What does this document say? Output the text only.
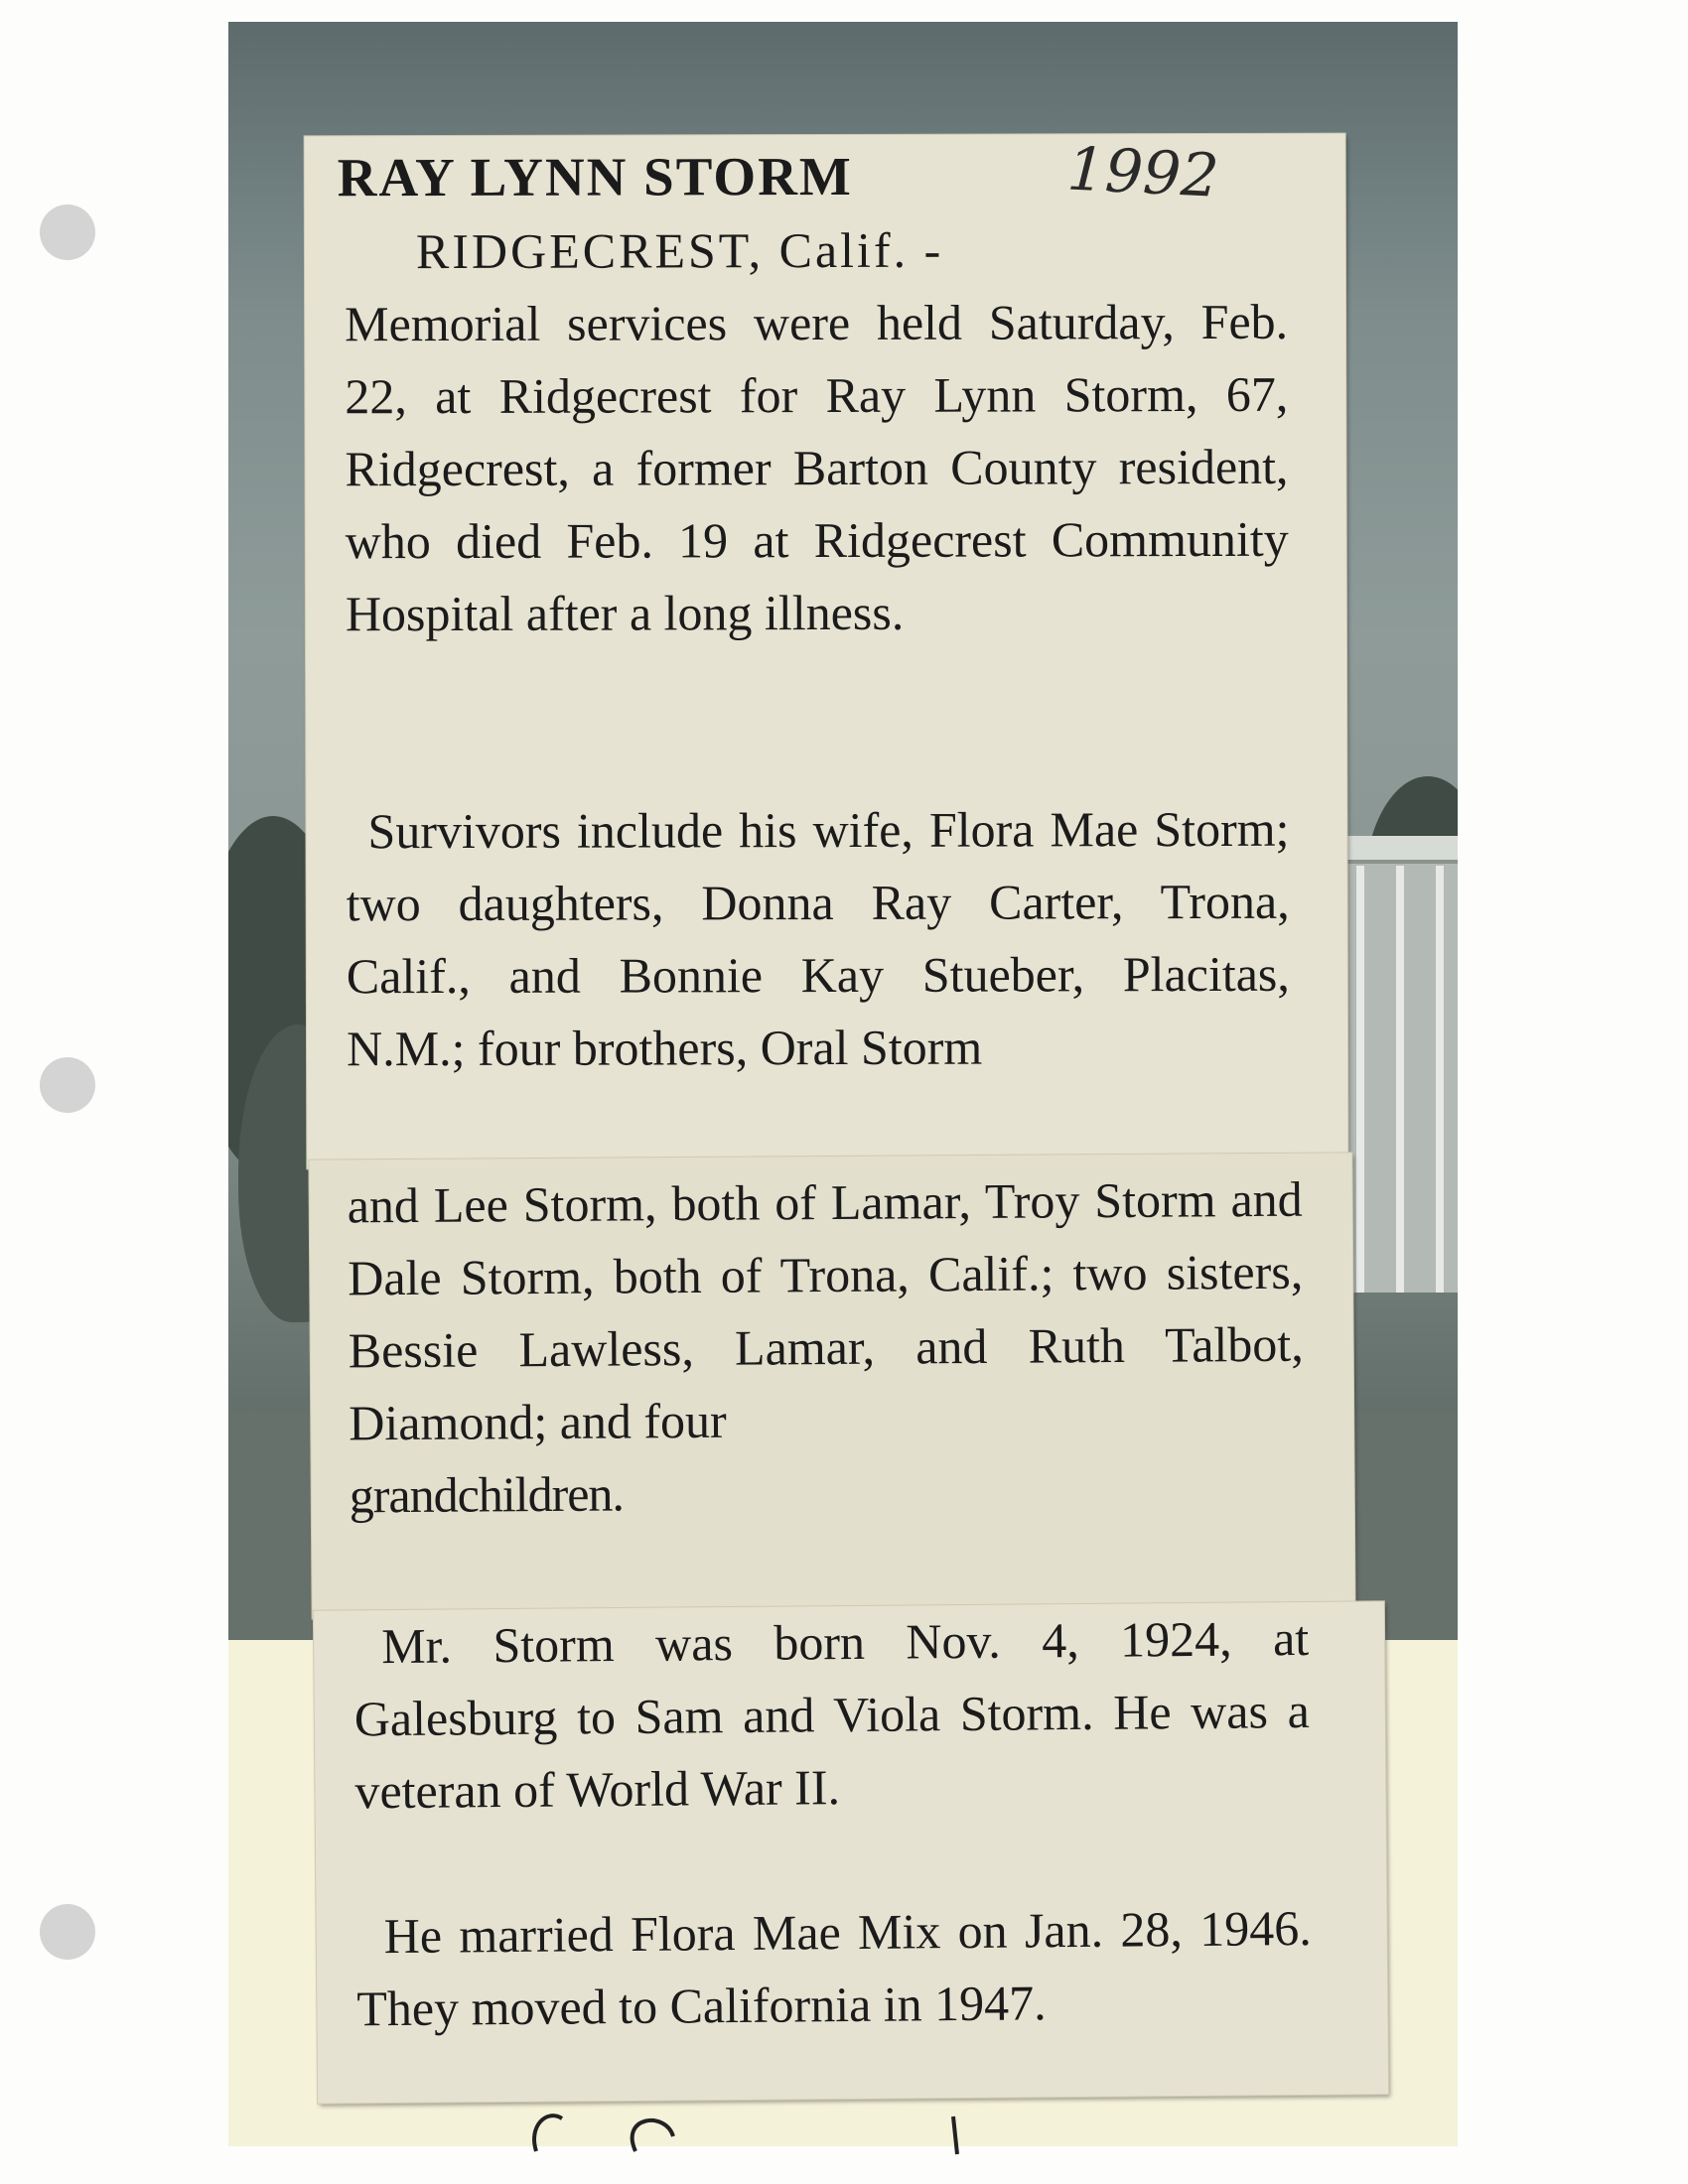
RAY LYNN STORM	1992
RIDGECREST, Calif. -

Memorial services were held Saturday, Feb. 22, at Ridgecrest for Ray Lynn Storm, 67, Ridgecrest, a former Barton County resident, who died Feb. 19 at Ridgecrest Community Hospital after a long illness.

Survivors include his wife, Flora Mae Storm; two daughters, Donna Ray Carter, Trona, Calif., and Bonnie Kay Stueber, Placitas, N.M.; four brothers, Oral Storm

and Lee Storm, both of Lamar, Troy Storm and Dale Storm, both of Trona, Calif.; two sisters, Bessie Lawless, Lamar, and Ruth Talbot, Diamond; and four

grandchildren.

Mr. Storm was born Nov. 4, 1924, at Galesburg to Sam and Viola Storm. He was a veteran of World War II.

He married Flora Mae Mix on Jan. 28, 1946. They moved to California in 1947.
